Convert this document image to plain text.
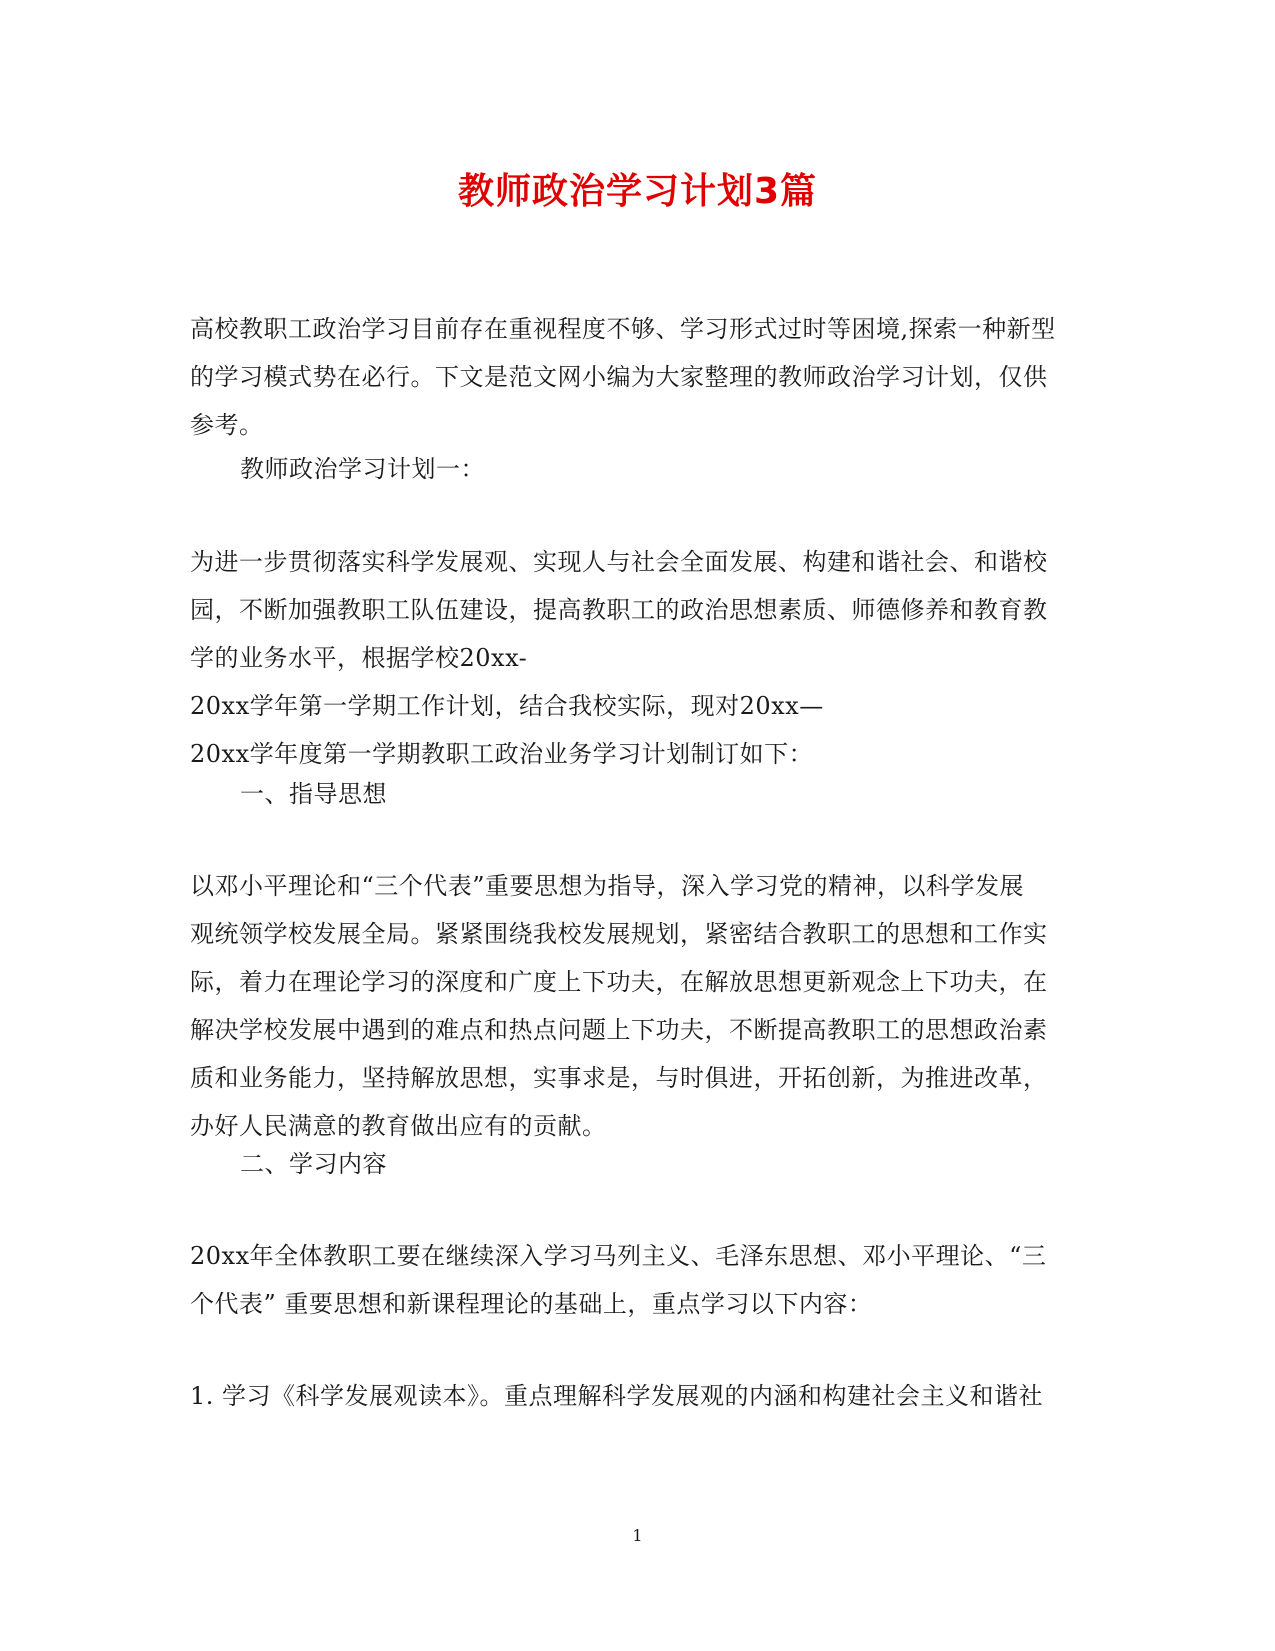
教师政治学习计划3篇
高校教职工政治学习目前存在重视程度不够、学习形式过时等困境,探索一种新型
的学习模式势在必行。下文是范文网小编为大家整理的教师政治学习计划，仅供
参考。
教师政治学习计划一：
为进一步贯彻落实科学发展观、实现人与社会全面发展、构建和谐社会、和谐校
园，不断加强教职工队伍建设，提高教职工的政治思想素质、师德修养和教育教
学的业务水平，根据学校20xx-
20xx学年第一学期工作计划，结合我校实际，现对20xx—
20xx学年度第一学期教职工政治业务学习计划制订如下：
一、指导思想
以邓小平理论和“三个代表”重要思想为指导，深入学习党的精神，以科学发展
观统领学校发展全局。紧紧围绕我校发展规划，紧密结合教职工的思想和工作实
际，着力在理论学习的深度和广度上下功夫，在解放思想更新观念上下功夫，在
解决学校发展中遇到的难点和热点问题上下功夫，不断提高教职工的思想政治素
质和业务能力，坚持解放思想，实事求是，与时俱进，开拓创新，为推进改革，
办好人民满意的教育做出应有的贡献。
二、学习内容
20xx年全体教职工要在继续深入学习马列主义、毛泽东思想、邓小平理论、“三
个代表” 重要思想和新课程理论的基础上，重点学习以下内容：
1. 学习《科学发展观读本》。重点理解科学发展观的内涵和构建社会主义和谐社
1
